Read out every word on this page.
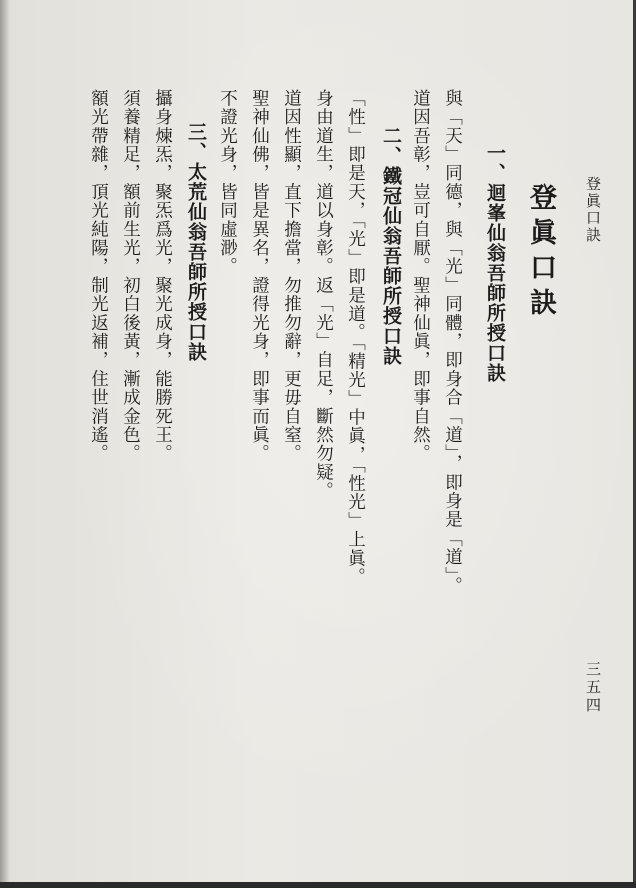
登眞口訣
三五四
登眞口訣
一、迴峯仙翁吾師所授口訣
與「天」同德，與「光」同體，即身合「道」，即身是「道」。
道因吾彰，豈可自厭。聖神仙眞，即事自然。
二、鐵冠仙翁吾師所授口訣
「性」即是天，「光」即是道。「精光」中眞，「性光」上眞。
身由道生，道以身彰。返「光」自足，斷然勿疑。
道因性顯，直下擔當，勿推勿辭，更毋自窒。
聖神仙佛，皆是異名，證得光身，即事而眞。
不證光身，皆同虛渺。
三、太荒仙翁吾師所授口訣
攝身煉炁，聚炁爲光，聚光成身，能勝死王。
須養精足，額前生光，初白後黃，漸成金色。
額光帶雜，頂光純陽，制光返補，住世消遙。
